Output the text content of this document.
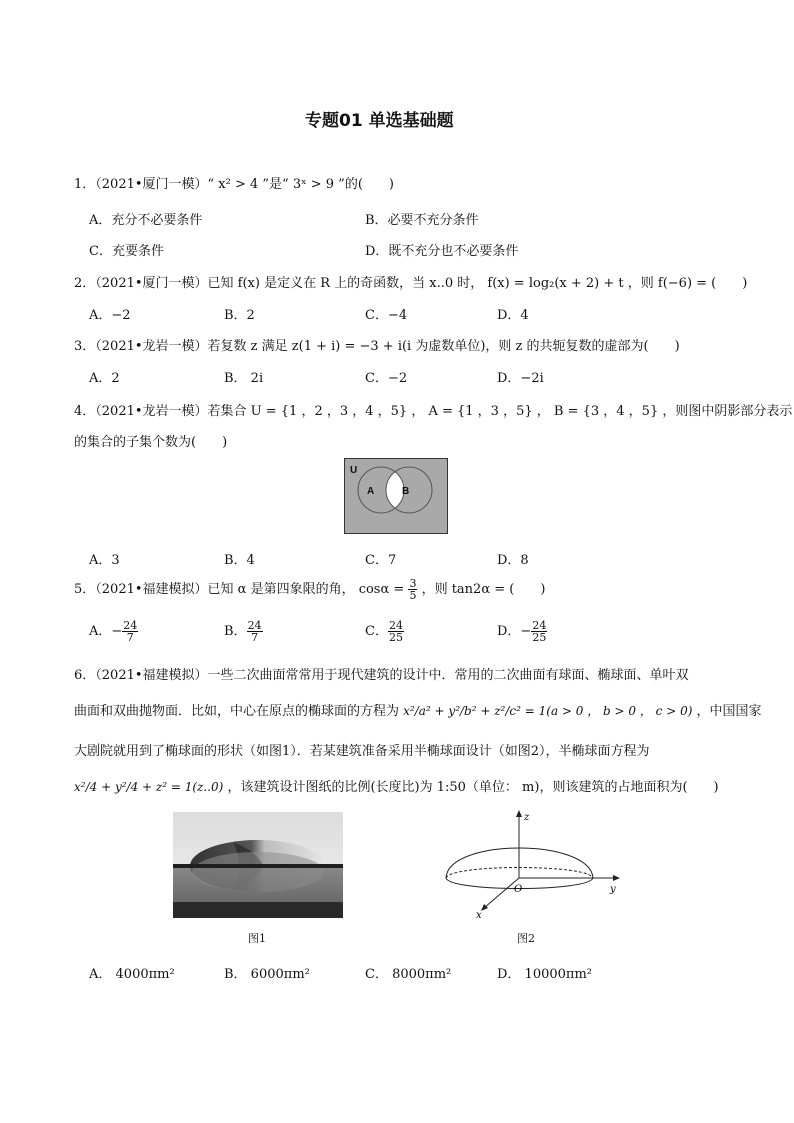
专题01 单选基础题
1．（2021•厦门一模）“ x² > 4 ”是“ 3ˣ > 9 ”的(　　)
A．充分不必要条件	B．必要不充分条件
C．充要条件	D．既不充分也不必要条件
2．（2021•厦门一模）已知 f(x) 是定义在 R 上的奇函数，当 x..0 时， f(x) = log₂(x + 2) + t ，则 f(−6) = (　　)
A．−2	B．2	C．−4	D．4
3．（2021•龙岩一模）若复数 z 满足 z(1 + i) = −3 + i(i 为虚数单位)，则 z 的共轭复数的虚部为(　　)
A．2	B． 2i	C．−2	D．−2i
4．（2021•龙岩一模）若集合 U = {1 ，2 ，3 ，4 ，5} ， A = {1 ，3 ，5} ， B = {3 ，4 ，5} ，则图中阴影部分表示
的集合的子集个数为(　　)
U
A	B
A．3	B．4	C．7	D．8
5．（2021•福建模拟）已知 α 是第四象限的角， $\cos\alpha = \frac{3}{5}$ ，则 tan2α = (　　)
A．− $\frac{24}{7}$	B． $\frac{24}{7}$	C． $\frac{24}{25}$	D．− $\frac{24}{25}$
6．（2021•福建模拟）一些二次曲面常常用于现代建筑的设计中．常用的二次曲面有球面、椭球面、单叶双
曲面和双曲抛物面．比如，中心在原点的椭球面的方程为 x²/a² + y²/b² + z²/c² = 1(a > 0 ， b > 0 ， c > 0) ，中国国家
大剧院就用到了椭球面的形状（如图1）．若某建筑准备采用半椭球面设计（如图2），半椭球面方程为
x²/4 + y²/4 + z² = 1(z..0) ，该建筑设计图纸的比例(长度比)为 1:50（单位： m)，则该建筑的占地面积为(　　)
图1
z
y
x
O
图2
A． 4000πm²	B． 6000πm²	C． 8000πm²	D． 10000πm²
